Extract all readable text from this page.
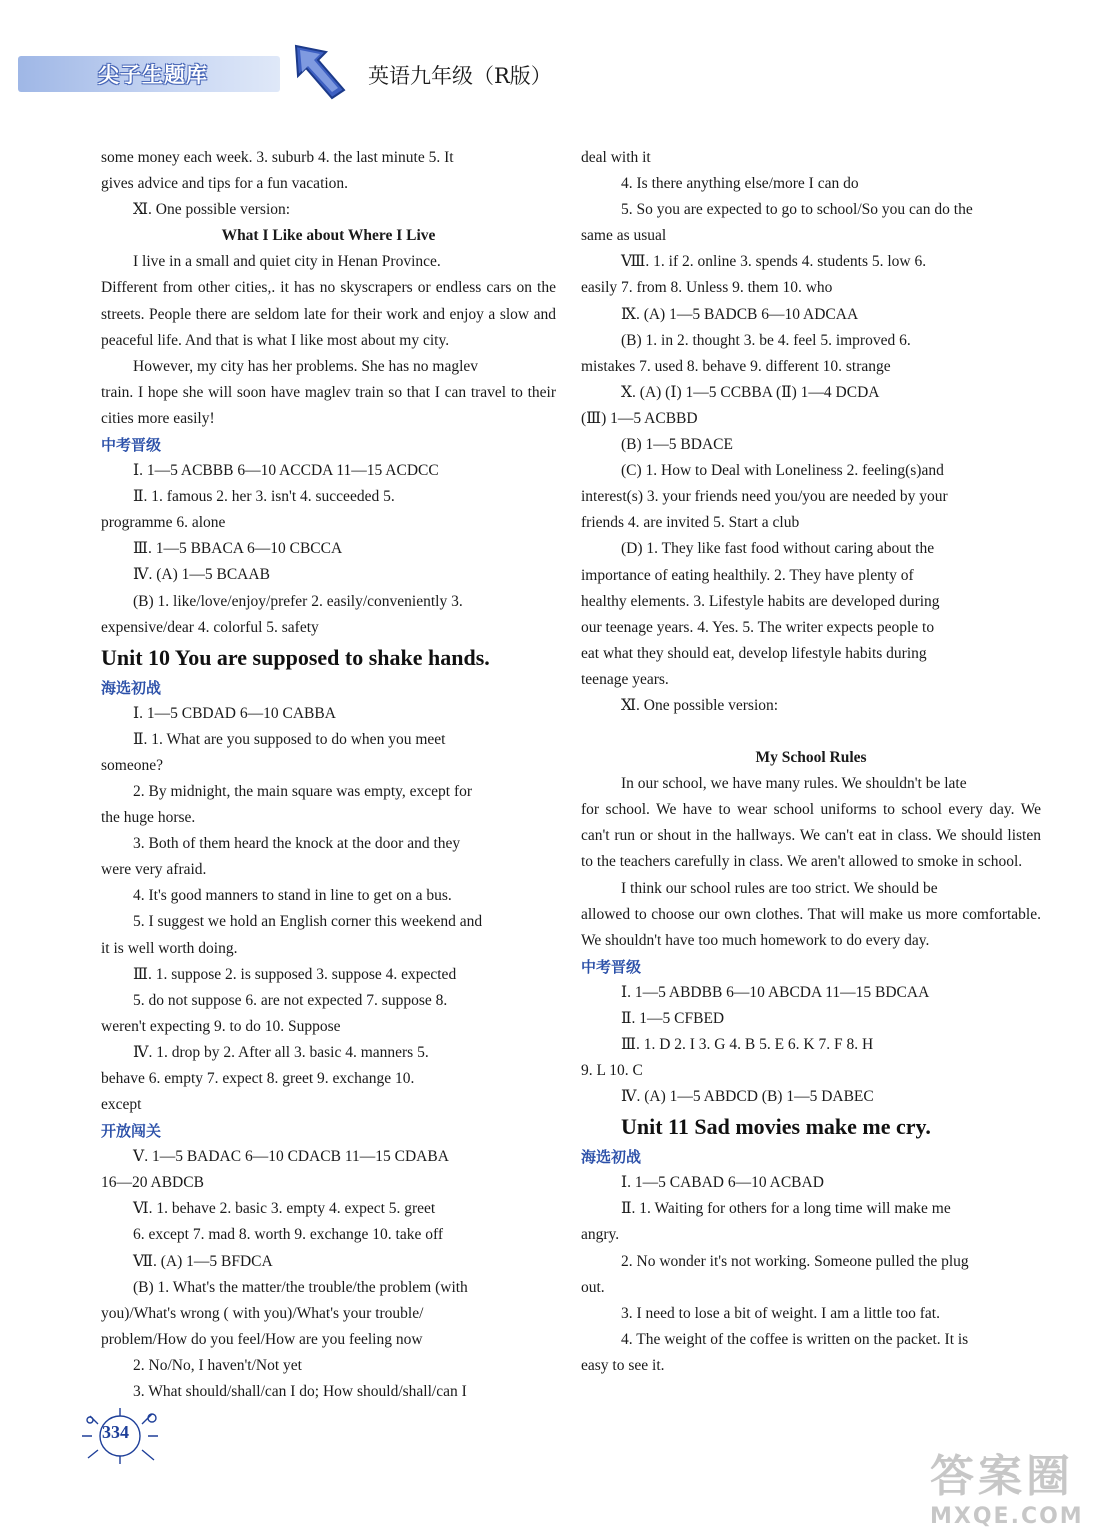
尖子生题库	英语九年级（R版）
some money each week. 3. suburb 4. the last minute 5. It
gives advice and tips for a fun vacation.
Ⅺ. One possible version:
What I Like about Where I Live
I live in a small and quiet city in Henan Province.
Different from other cities,. it has no skyscrapers or endless cars on the streets. People there are seldom late for their work and enjoy a slow and peaceful life. And that is what I like most about my city.
However, my city has her problems. She has no maglev
train. I hope she will soon have maglev train so that I can travel to their cities more easily!
中考晋级
Ⅰ. 1—5 ACBBB 6—10 ACCDA 11—15 ACDCC
Ⅱ. 1. famous 2. her 3. isn't 4. succeeded 5.
programme 6. alone
Ⅲ. 1—5 BBACA 6—10 CBCCA
Ⅳ. (A) 1—5 BCAAB
(B) 1. like/love/enjoy/prefer 2. easily/conveniently 3.
expensive/dear 4. colorful 5. safety
Unit 10 You are supposed to shake hands.
海选初战
Ⅰ. 1—5 CBDAD 6—10 CABBA
Ⅱ. 1. What are you supposed to do when you meet
someone?
2. By midnight, the main square was empty, except for
the huge horse.
3. Both of them heard the knock at the door and they
were very afraid.
4. It's good manners to stand in line to get on a bus.
5. I suggest we hold an English corner this weekend and
it is well worth doing.
Ⅲ. 1. suppose 2. is supposed 3. suppose 4. expected
5. do not suppose 6. are not expected 7. suppose 8.
weren't expecting 9. to do 10. Suppose
Ⅳ. 1. drop by 2. After all 3. basic 4. manners 5.
behave 6. empty 7. expect 8. greet 9. exchange 10.
except
开放闯关
Ⅴ. 1—5 BADAC 6—10 CDACB 11—15 CDABA
16—20 ABDCB
Ⅵ. 1. behave 2. basic 3. empty 4. expect 5. greet
6. except 7. mad 8. worth 9. exchange 10. take off
Ⅶ. (A) 1—5 BFDCA
(B) 1. What's the matter/the trouble/the problem (with
you)/What's wrong ( with you)/What's your trouble/
problem/How do you feel/How are you feeling now
2. No/No, I haven't/Not yet
3. What should/shall/can I do; How should/shall/can I
deal with it
4. Is there anything else/more I can do
5. So you are expected to go to school/So you can do the
same as usual
Ⅷ. 1. if 2. online 3. spends 4. students 5. low 6.
easily 7. from 8. Unless 9. them 10. who
Ⅸ. (A) 1—5 BADCB 6—10 ADCAA
(B) 1. in 2. thought 3. be 4. feel 5. improved 6.
mistakes 7. used 8. behave 9. different 10. strange
Ⅹ. (A) (Ⅰ) 1—5 CCBBA (Ⅱ) 1—4 DCDA
(Ⅲ) 1—5 ACBBD
(B) 1—5 BDACE
(C) 1. How to Deal with Loneliness 2. feeling(s)and
interest(s) 3. your friends need you/you are needed by your
friends 4. are invited 5. Start a club
(D) 1. They like fast food without caring about the
importance of eating healthily. 2. They have plenty of
healthy elements. 3. Lifestyle habits are developed during
our teenage years. 4. Yes. 5. The writer expects people to
eat what they should eat, develop lifestyle habits during
teenage years.
Ⅺ. One possible version:
My School Rules
In our school, we have many rules. We shouldn't be late
for school. We have to wear school uniforms to school every day. We can't run or shout in the hallways. We can't eat in class. We should listen to the teachers carefully in class. We aren't allowed to smoke in school.
I think our school rules are too strict. We should be
allowed to choose our own clothes. That will make us more comfortable. We shouldn't have too much homework to do every day.
中考晋级
Ⅰ. 1—5 ABDBB 6—10 ABCDA 11—15 BDCAA
Ⅱ. 1—5 CFBED
Ⅲ. 1. D 2. I 3. G 4. B 5. E 6. K 7. F 8. H
9. L 10. C
Ⅳ. (A) 1—5 ABDCD (B) 1—5 DABEC
Unit 11 Sad movies make me cry.
海选初战
Ⅰ. 1—5 CABAD 6—10 ACBAD
Ⅱ. 1. Waiting for others for a long time will make me
angry.
2. No wonder it's not working. Someone pulled the plug
out.
3. I need to lose a bit of weight. I am a little too fat.
4. The weight of the coffee is written on the packet. It is
easy to see it.
334
答案圈
MXQE.COM
